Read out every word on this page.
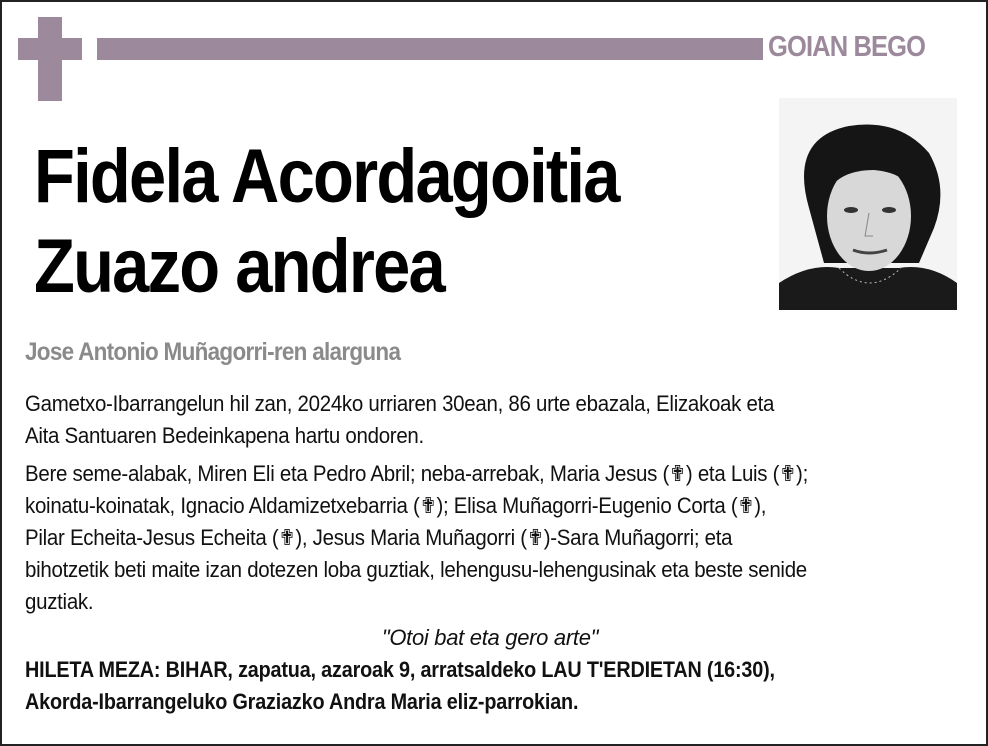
GOIAN BEGO
Fidela Acordagoitia
Zuazo andrea
Jose Antonio Muñagorri-ren alarguna
Gametxo-Ibarrangelun hil zan, 2024ko urriaren 30ean, 86 urte ebazala, Elizakoak eta
Aita Santuaren Bedeinkapena hartu ondoren.
Bere seme-alabak, Miren Eli eta Pedro Abril; neba-arrebak, Maria Jesus (✟) eta Luis (✟);
koinatu-koinatak, Ignacio Aldamizetxebarria (✟); Elisa Muñagorri-Eugenio Corta (✟),
Pilar Echeita-Jesus Echeita (✟), Jesus Maria Muñagorri (✟)-Sara Muñagorri; eta
bihotzetik beti maite izan dotezen loba guztiak, lehengusu-lehengusinak eta beste senide
guztiak.
"Otoi bat eta gero arte"
HILETA MEZA: BIHAR, zapatua, azaroak 9, arratsaldeko LAU T'ERDIETAN (16:30),
Akorda-Ibarrangeluko Graziazko Andra Maria eliz-parrokian.
